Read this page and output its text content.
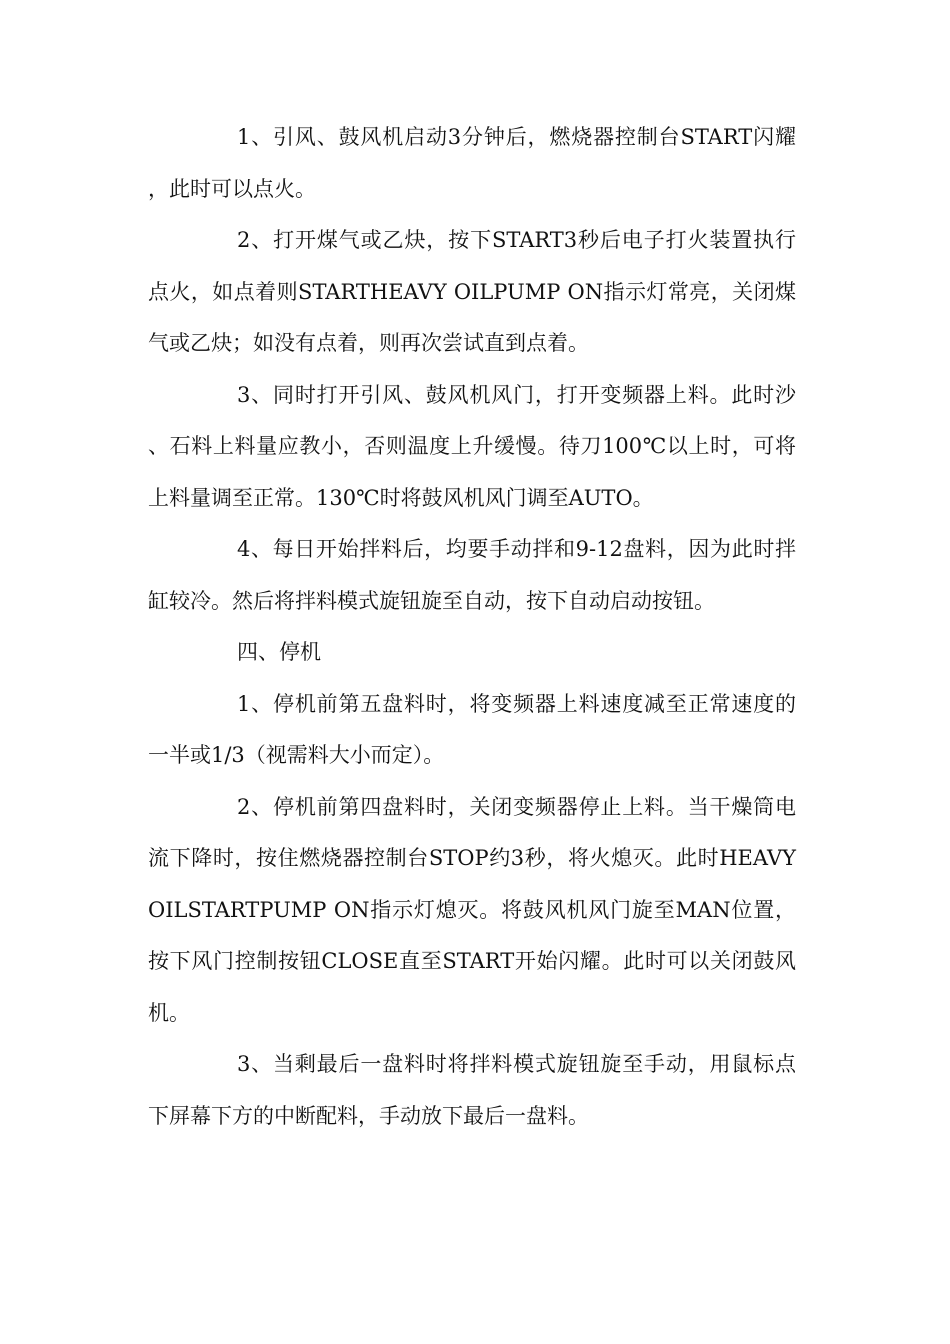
1、引风、鼓风机启动3分钟后，燃烧器控制台START闪耀，此时可以点火。

2、打开煤气或乙炔，按下START3秒后电子打火装置执行点火，如点着则STARTHEAVY OILPUMP ON指示灯常亮，关闭煤气或乙炔；如没有点着，则再次尝试直到点着。

3、同时打开引风、鼓风机风门，打开变频器上料。此时沙、石料上料量应教小，否则温度上升缓慢。待刀100℃以上时，可将上料量调至正常。130℃时将鼓风机风门调至AUTO。

4、每日开始拌料后，均要手动拌和9-12盘料，因为此时拌缸较冷。然后将拌料模式旋钮旋至自动，按下自动启动按钮。

四、停机

1、停机前第五盘料时，将变频器上料速度减至正常速度的一半或1/3（视需料大小而定）。

2、停机前第四盘料时，关闭变频器停止上料。当干燥筒电流下降时，按住燃烧器控制台STOP约3秒，将火熄灭。此时HEAVY OILSTARTPUMP ON指示灯熄灭。将鼓风机风门旋至MAN位置，按下风门控制按钮CLOSE直至START开始闪耀。此时可以关闭鼓风机。

3、当剩最后一盘料时将拌料模式旋钮旋至手动，用鼠标点下屏幕下方的中断配料，手动放下最后一盘料。
